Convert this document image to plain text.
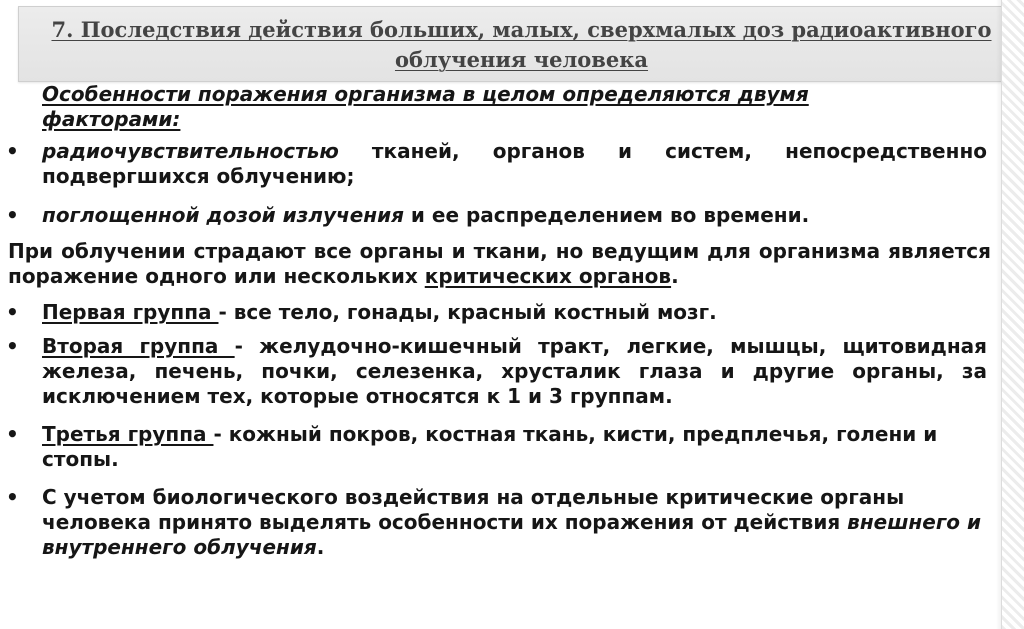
7. Последствия действия больших, малых, сверхмалых доз радиоактивного
облучения человека
Особенности поражения организма в целом определяются двумя факторами:
• радиочувствительностью тканей, органов и систем, непосредственно подвергшихся облучению;
• поглощенной дозой излучения и ее распределением во времени.
При облучении страдают все органы и ткани, но ведущим для организма является поражение одного или нескольких критических органов.
• Первая группа - все тело, гонады, красный костный мозг.
• Вторая группа - желудочно-кишечный тракт, легкие, мышцы, щитовидная железа, печень, почки, селезенка, хрусталик глаза и другие органы, за исключением тех, которые относятся к 1 и 3 группам.
• Третья группа - кожный покров, костная ткань, кисти, предплечья, голени и стопы.
• С учетом биологического воздействия на отдельные критические органы человека принято выделять особенности их поражения от действия внешнего и внутреннего облучения.
